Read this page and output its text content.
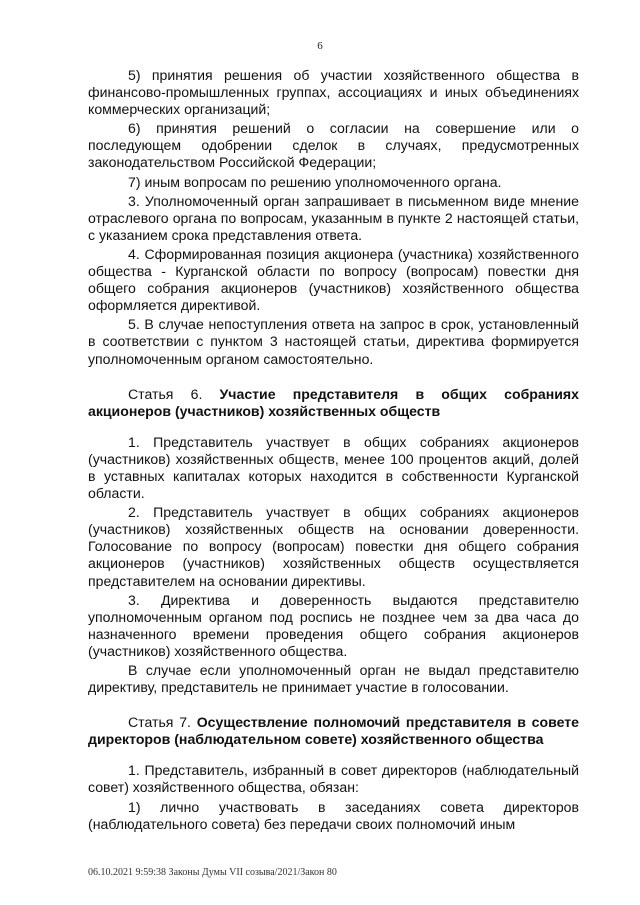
6

5) принятия решения об участии хозяйственного общества в финансово-промышленных группах, ассоциациях и иных объединениях коммерческих организаций;

6) принятия решений о согласии на совершение или о последующем одобрении сделок в случаях, предусмотренных законодательством Российской Федерации;

7) иным вопросам по решению уполномоченного органа.

3. Уполномоченный орган запрашивает в письменном виде мнение отраслевого органа по вопросам, указанным в пункте 2 настоящей статьи, с указанием срока представления ответа.

4. Сформированная позиция акционера (участника) хозяйственного общества - Курганской области по вопросу (вопросам) повестки дня общего собрания акционеров (участников) хозяйственного общества оформляется директивой.

5. В случае непоступления ответа на запрос в срок, установленный в соответствии с пунктом 3 настоящей статьи, директива формируется уполномоченным органом самостоятельно.

Статья 6. Участие представителя в общих собраниях акционеров (участников) хозяйственных обществ

1. Представитель участвует в общих собраниях акционеров (участников) хозяйственных обществ, менее 100 процентов акций, долей в уставных капиталах которых находится в собственности Курганской области.

2. Представитель участвует в общих собраниях акционеров (участников) хозяйственных обществ на основании доверенности. Голосование по вопросу (вопросам) повестки дня общего собрания акционеров (участников) хозяйственных обществ осуществляется представителем на основании директивы.

3. Директива и доверенность выдаются представителю уполномоченным органом под роспись не позднее чем за два часа до назначенного времени проведения общего собрания акционеров (участников) хозяйственного общества.

В случае если уполномоченный орган не выдал представителю директиву, представитель не принимает участие в голосовании.

Статья 7. Осуществление полномочий представителя в совете директоров (наблюдательном совете) хозяйственного общества

1. Представитель, избранный в совет директоров (наблюдательный совет) хозяйственного общества, обязан:

1) лично участвовать в заседаниях совета директоров (наблюдательного совета) без передачи своих полномочий иным

06.10.2021 9:59:38 Законы Думы VII созыва/2021/Закон 80
